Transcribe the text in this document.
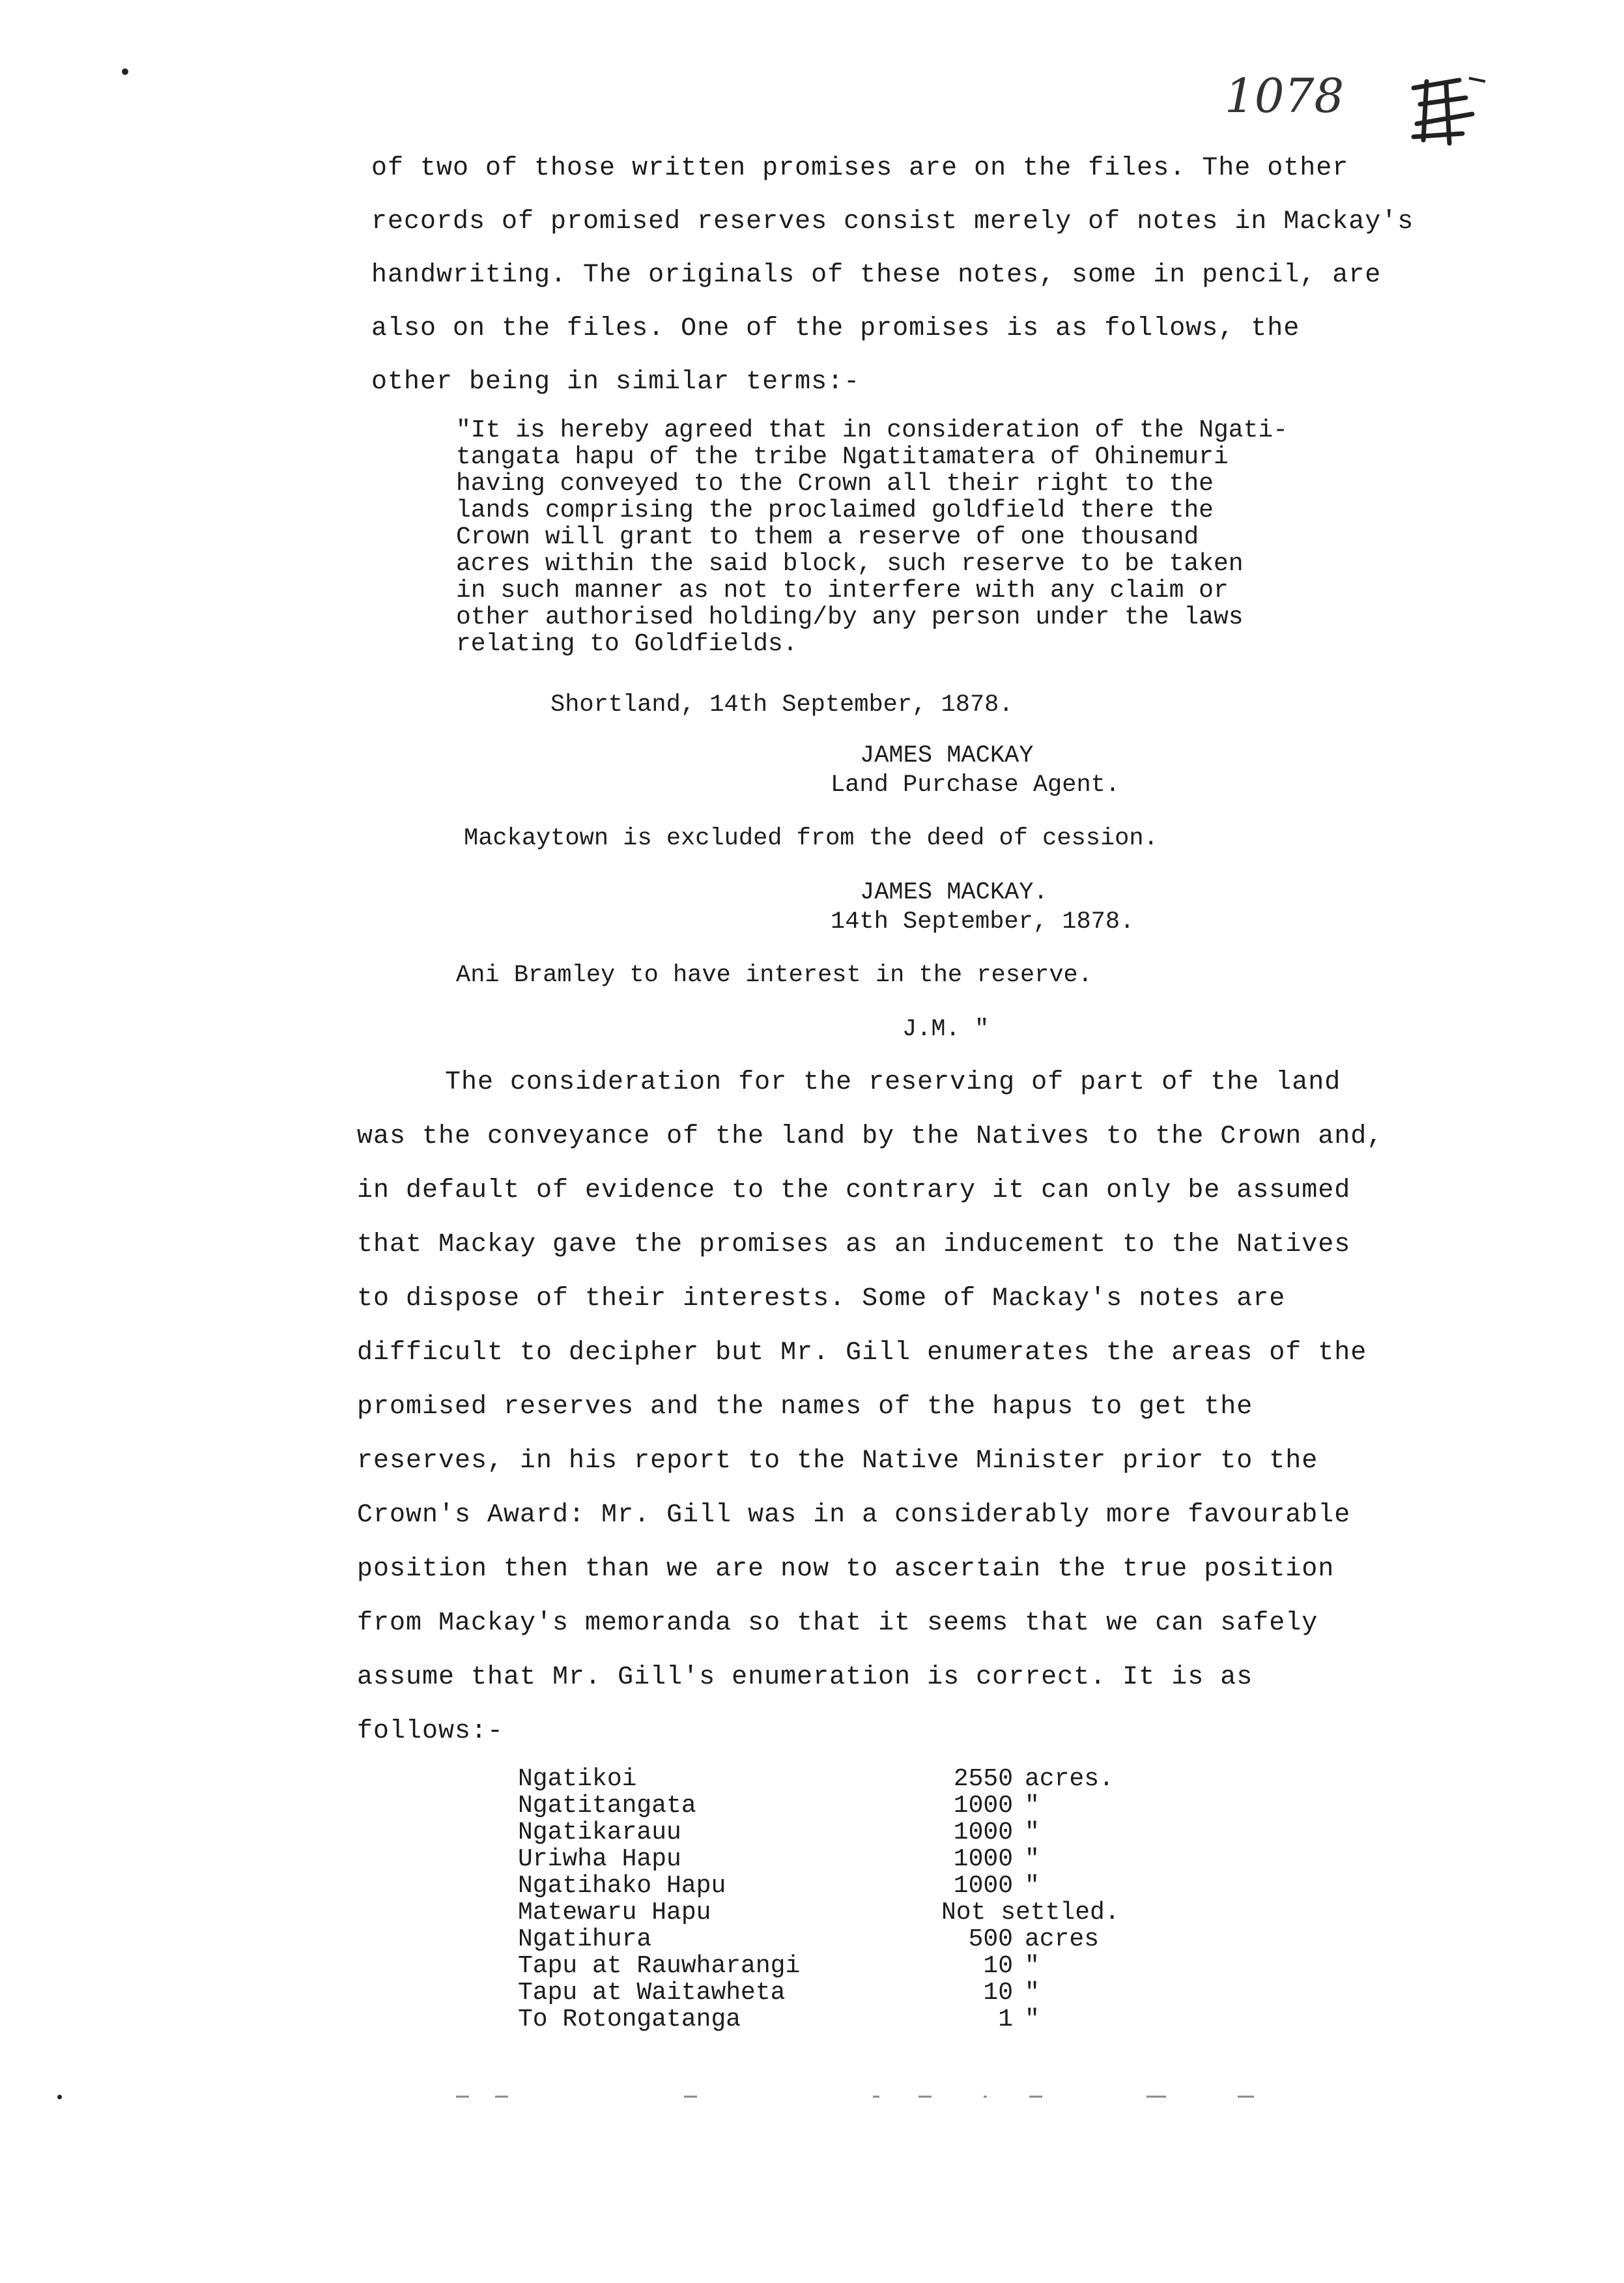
1078
of two of those written promises are on the files. The other
records of promised reserves consist merely of notes in Mackay's
handwriting. The originals of these notes, some in pencil, are
also on the files. One of the promises is as follows, the
other being in similar terms:-
"It is hereby agreed that in consideration of the Ngati-
tangata hapu of the tribe Ngatitamatera of Ohinemuri
having conveyed to the Crown all their right to the
lands comprising the proclaimed goldfield there the
Crown will grant to them a reserve of one thousand
acres within the said block, such reserve to be taken
in such manner as not to interfere with any claim or
other authorised holding/by any person under the laws
relating to Goldfields.
Shortland, 14th September, 1878.
JAMES MACKAY
Land Purchase Agent.
Mackaytown is excluded from the deed of cession.
JAMES MACKAY.
14th September, 1878.
Ani Bramley to have interest in the reserve.
J.M. "
The consideration for the reserving of part of the land
was the conveyance of the land by the Natives to the Crown and,
in default of evidence to the contrary it can only be assumed
that Mackay gave the promises as an inducement to the Natives
to dispose of their interests. Some of Mackay's notes are
difficult to decipher but Mr. Gill enumerates the areas of the
promised reserves and the names of the hapus to get the
reserves, in his report to the Native Minister prior to the
Crown's Award: Mr. Gill was in a considerably more favourable
position then than we are now to ascertain the true position
from Mackay's memoranda so that it seems that we can safely
assume that Mr. Gill's enumeration is correct. It is as
follows:-
Ngatikoi	2550 acres.
Ngatitangata	1000 "
Ngatikarauu	1000 "
Uriwha Hapu	1000 "
Ngatihako Hapu	1000 "
Matewaru Hapu	Not settled.
Ngatihura	500 acres
Tapu at Rauwharangi	10 "
Tapu at Waitawheta	10 "
To Rotongatanga	1 "
